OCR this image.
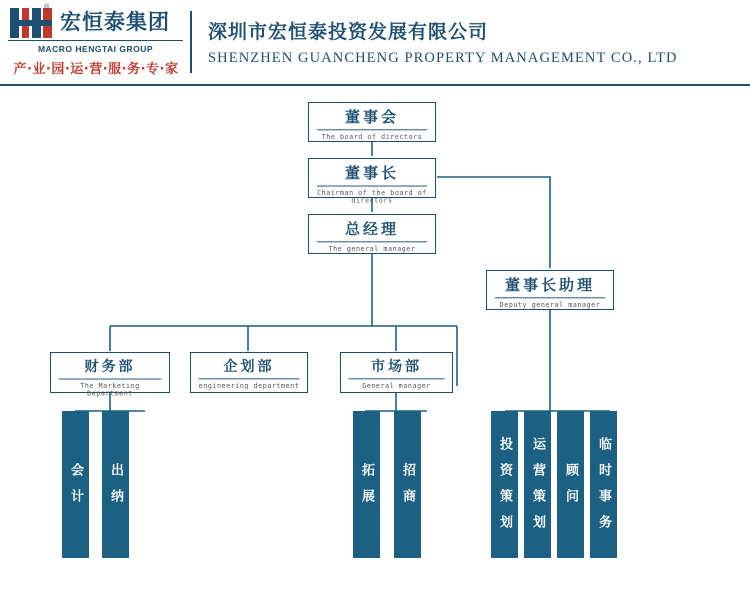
®
宏恒泰集团
MACRO HENGTAI GROUP
产·业·园·运·营·服·务·专·家
深圳市宏恒泰投资发展有限公司
SHENZHEN GUANCHENG PROPERTY MANAGEMENT CO., LTD
董事会
The board of directors
董事长
Chairman of the board of directors
总经理
The general manager
董事长助理
Deputy general manager
财务部
The Marketing Department
企划部
engineering department
市场部
General manager
会计	出纳	拓展	招商	投资策划	运营策划	顾问	临时事务
